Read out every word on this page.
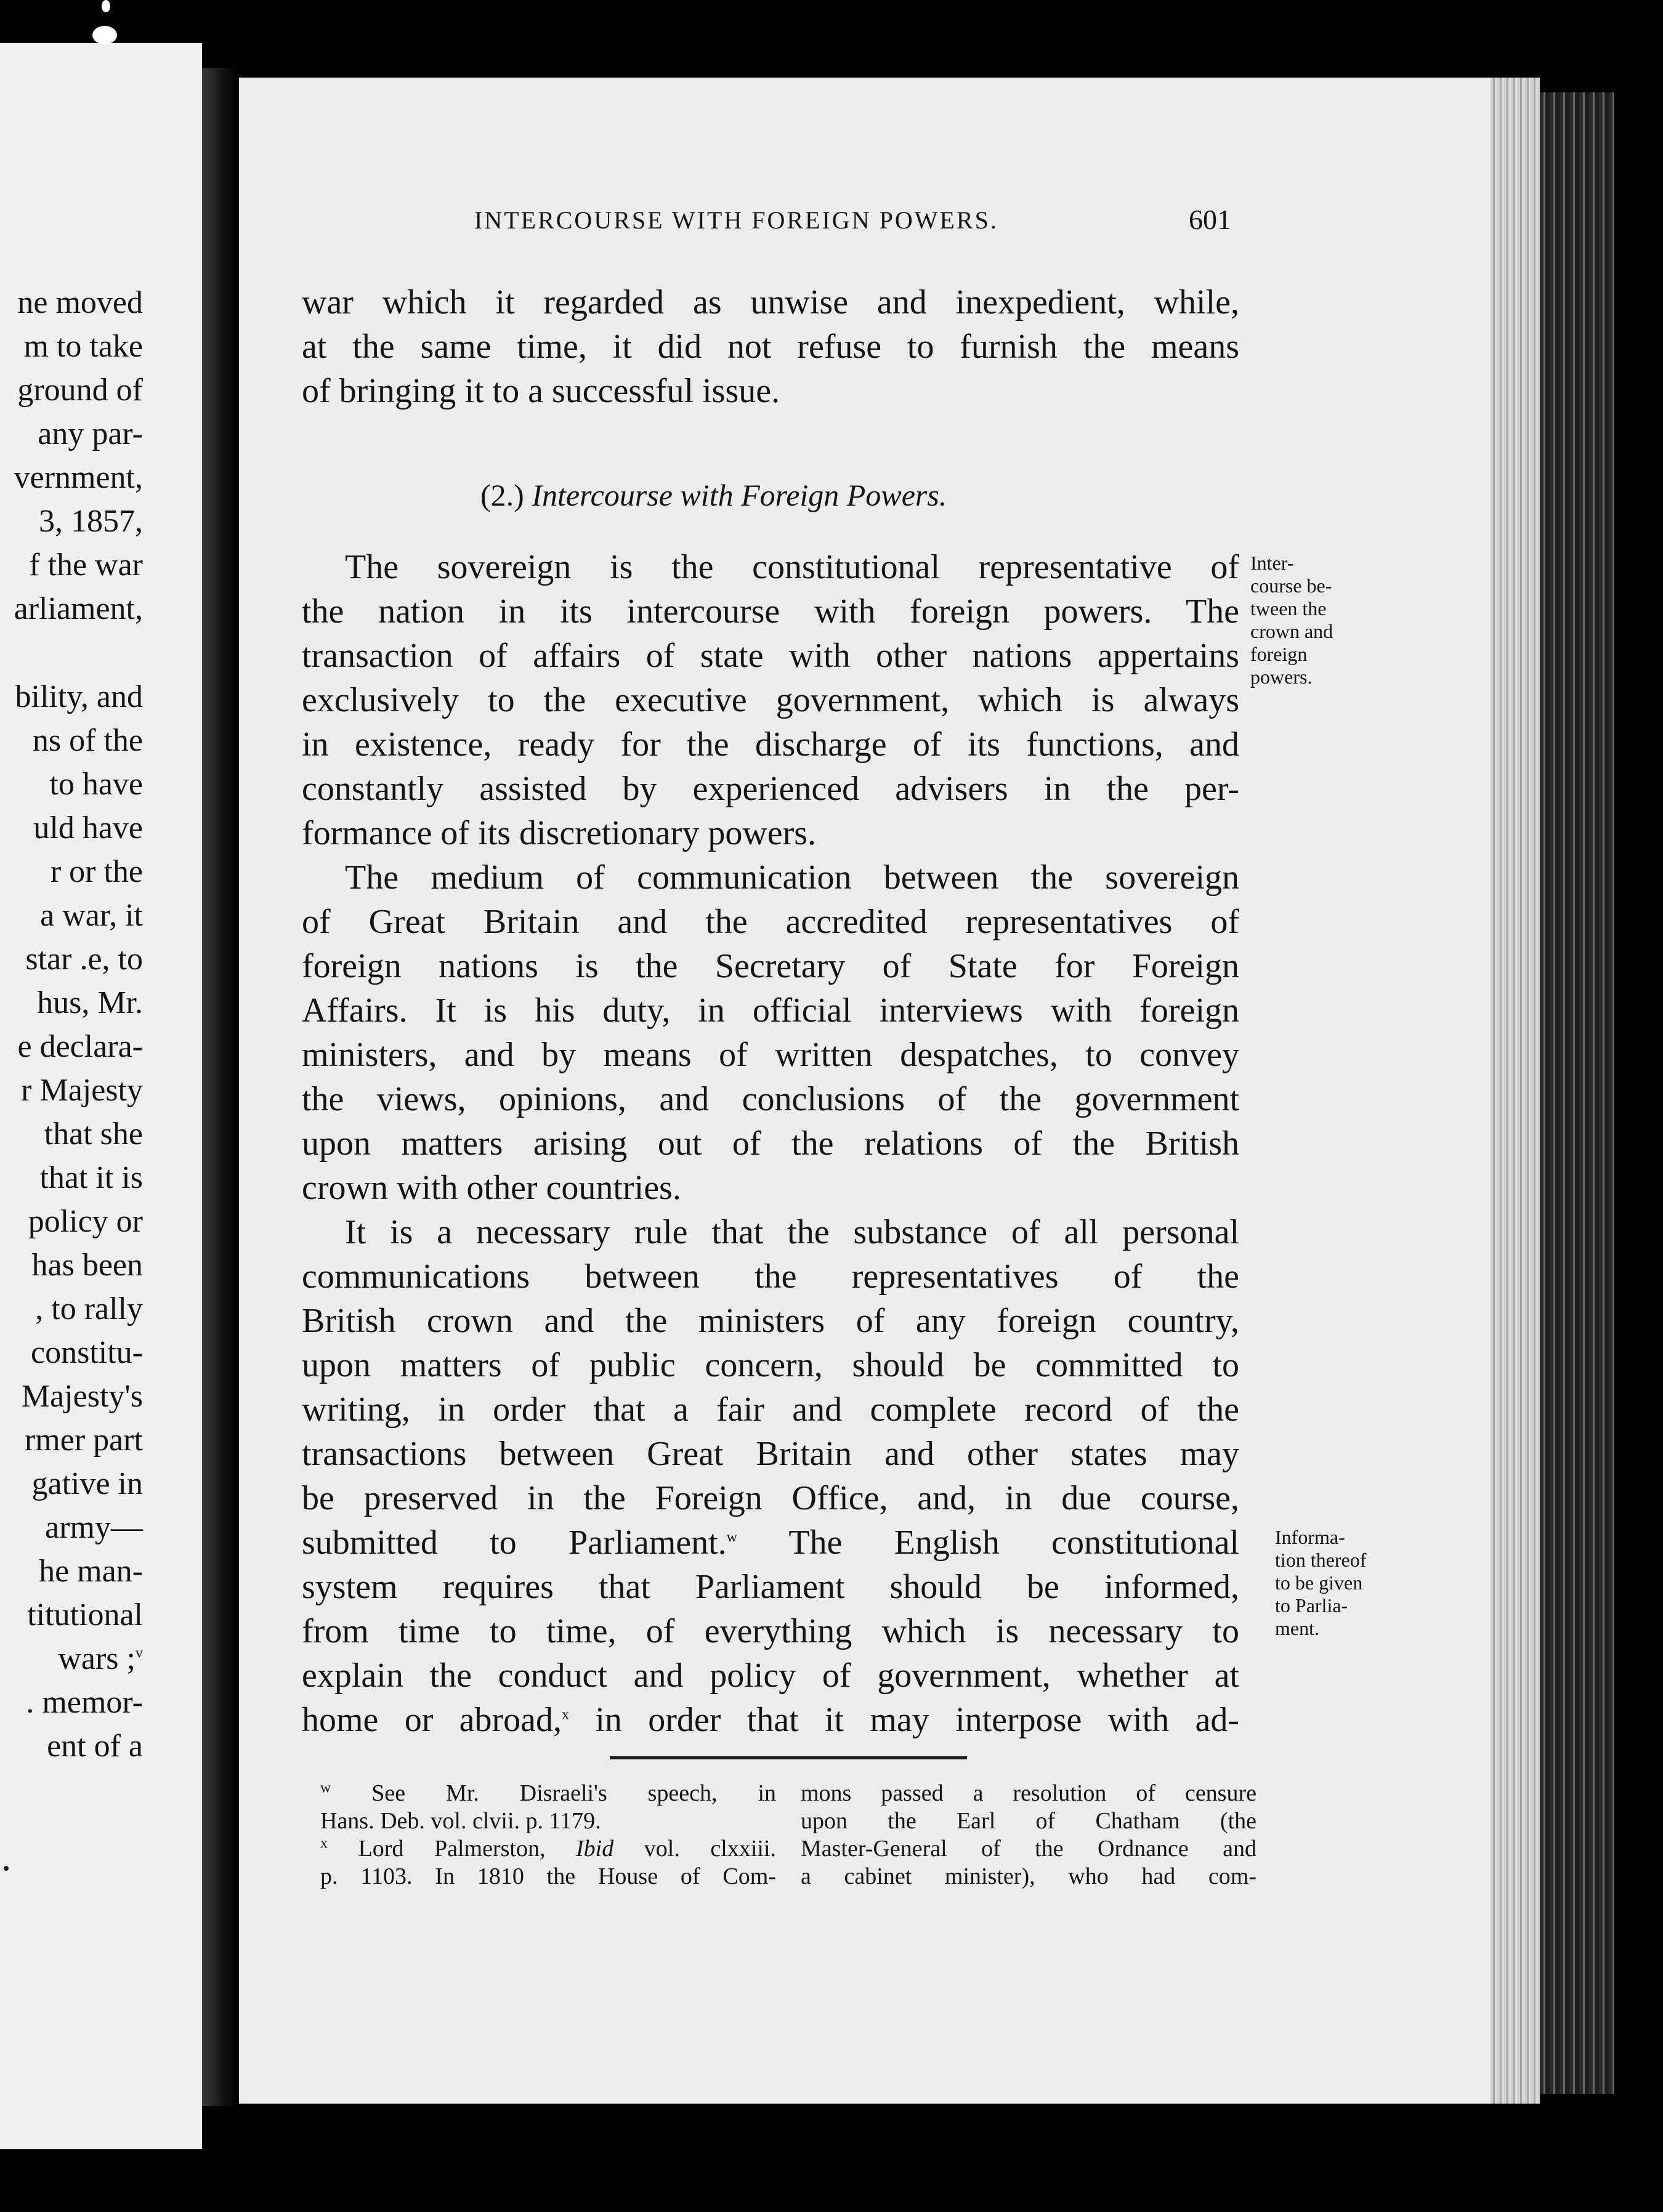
ne moved
m to take
ground of
any par-
vernment,
3, 1857,
f the war
arliament,
bility, and
ns of the
to have
uld have
r or the
a war, it
star .e, to
hus, Mr.
e declara-
r Majesty
that she
that it is
policy or
has been
, to rally
constitu-
Majesty's
rmer part
gative in
army—
he man-
titutional
wars ;$^v$
. memor-
ent of a
INTERCOURSE WITH FOREIGN POWERS.	601
war which it regarded as unwise and inexpedient, while,
at the same time, it did not refuse to furnish the means
of bringing it to a successful issue.
(2.) Intercourse with Foreign Powers.
The sovereign is the constitutional representative of
the nation in its intercourse with foreign powers. The
transaction of affairs of state with other nations appertains
exclusively to the executive government, which is always
in existence, ready for the discharge of its functions, and
constantly assisted by experienced advisers in the per-
formance of its discretionary powers.
The medium of communication between the sovereign
of Great Britain and the accredited representatives of
foreign nations is the Secretary of State for Foreign
Affairs. It is his duty, in official interviews with foreign
ministers, and by means of written despatches, to convey
the views, opinions, and conclusions of the government
upon matters arising out of the relations of the British
crown with other countries.
It is a necessary rule that the substance of all personal
communications between the representatives of the
British crown and the ministers of any foreign country,
upon matters of public concern, should be committed to
writing, in order that a fair and complete record of the
transactions between Great Britain and other states may
be preserved in the Foreign Office, and, in due course,
submitted to Parliament.$^w$ The English constitutional
system requires that Parliament should be informed,
from time to time, of everything which is necessary to
explain the conduct and policy of government, whether at
home or abroad,$^x$ in order that it may interpose with ad-
Inter-
course be-
tween the
crown and
foreign
powers.
Informa-
tion thereof
to be given
to Parlia-
ment.
$^w$ See Mr. Disraeli's speech, in
Hans. Deb. vol. clvii. p. 1179.
$^x$ Lord Palmerston, Ibid vol. clxxiii.
p. 1103. In 1810 the House of Com-
mons passed a resolution of censure
upon the Earl of Chatham (the
Master-General of the Ordnance and
a cabinet minister), who had com-
